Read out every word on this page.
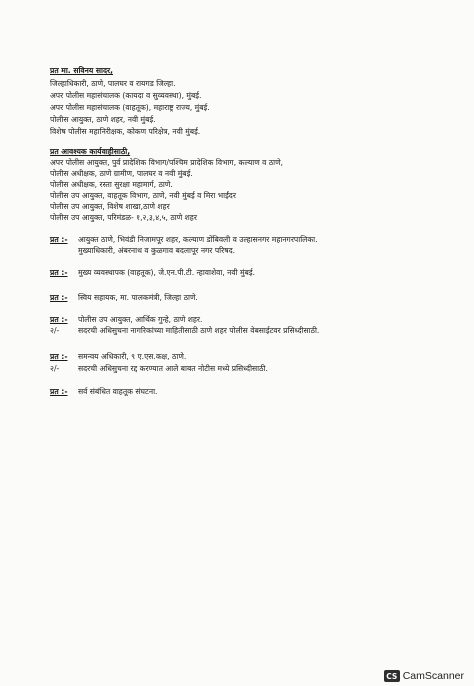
प्रत मा. सविनय सादर,
जिल्हाधिकारी, ठाणे, पालघर व रायगड जिल्हा.
अपर पोलीस महासंचालक (कायदा व सुव्यवस्था), मुंबई.
अपर पोलीस महासंचालक (वाहतूक), महाराष्ट्र राज्य, मुंबई.
पोलीस आयुक्त, ठाणे शहर, नवी मुंबई.
विशेष पोलीस महानिरीक्षक, कोकण परिक्षेत्र, नवी मुंबई.
प्रत आवश्यक कार्यवाहीसाठी,
अपर पोलीस आयुक्त, पुर्व प्रादेशिक विभाग/पश्चिम प्रादेशिक विभाग, कल्याण व ठाणे,
पोलीस अधीक्षक, ठाणे ग्रामीण, पालघर व नवी मुंबई.
पोलीस अधीक्षक, रस्ता सुरक्षा महामार्ग, ठाणे.
पोलीस उप आयुक्त, वाहतूक विभाग, ठाणे, नवी मुंबई व मिरा भाईंदर
पोलीस उप आयुक्त, विशेष शाखा,ठाणे शहर
पोलीस उप आयुक्त, परिमंडळ- १,२,३,४,५, ठाणे शहर
प्रत :- आयुक्त ठाणे, भिवंडी निजामपूर शहर, कल्याण डोंबिवली व उल्हासनगर महानगरपालिका.
मुख्याधिकारी, अंबरनाथ व कुळगाव बदलापूर नगर परिषद.
प्रत :- मुख्य व्यवस्थापक (वाहतूक), जे.एन.पी.टी. न्हावाशेवा, नवी मुंबई.
प्रत :- स्विय सहायक, मा. पालकमंत्री, जिल्हा ठाणे.
प्रत :- पोलीस उप आयुक्त, आर्थिक गुन्हे, ठाणे शहर.
२/- सदरची अधिसुचना नागरिकांच्या माहितीसाठी ठाणे शहर पोलीस वेबसाईटवर प्रसिध्दीसाठी.
प्रत :- समन्वय अधिकारी, ९ ए.एस.कक्ष, ठाणे.
२/- सदरची अधिसुचना रद्द करण्यात आले बाबत नोटीस मध्ये प्रसिध्दीसाठी.
प्रत :- सर्व संबंधित वाहतूक संघटना.
CS CamScanner
